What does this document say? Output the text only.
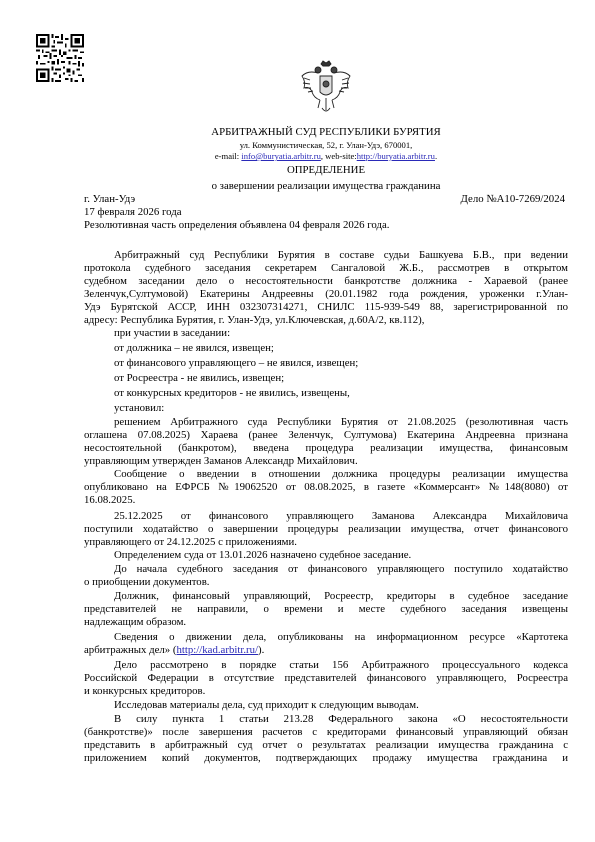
АРБИТРАЖНЫЙ СУД РЕСПУБЛИКИ БУРЯТИЯ
ул. Коммунистическая, 52, г. Улан-Удэ, 670001,
e-mail: info@buryatia.arbitr.ru, web-site:http://buryatia.arbitr.ru.
ОПРЕДЕЛЕНИЕ
о завершении реализации имущества гражданина
г. Улан-Удэ	Дело №А10-7269/2024
17 февраля 2026 года
Резолютивная часть определения объявлена 04 февраля 2026 года.
Арбитражный суд Республики Бурятия в составе судьи Башкуева Б.В., при ведении
протокола судебного заседания секретарем Сангаловой Ж.Б., рассмотрев в открытом
судебном заседании дело о несостоятельности банкротстве должника - Хараевой (ранее
Зеленчук,Султумовой) Екатерины Андреевны (20.01.1982 года рождения, уроженки г.Улан-
Удэ Бурятской АССР, ИНН 032307314271, СНИЛС 115-939-549 88, зарегистрированной по
адресу: Республика Бурятия, г. Улан-Удэ, ул.Ключевская, д.60А/2, кв.112),
при участии в заседании:
от должника – не явился, извещен;
от финансового управляющего – не явился, извещен;
от Росреестра - не явились, извещен;
от конкурсных кредиторов - не явились, извещены,
установил:
решением Арбитражного суда Республики Бурятия от 21.08.2025 (резолютивная часть
оглашена 07.08.2025) Хараева (ранее Зеленчук, Султумова) Екатерина Андреевна признана
несостоятельной (банкротом), введена процедура реализации имущества, финансовым
управляющим утвержден Заманов Александр Михайлович.
Сообщение о введении в отношении должника процедуры реализации имущества
опубликовано на ЕФРСБ №19062520 от 08.08.2025, в газете «Коммерсант» №148(8080) от
16.08.2025.
25.12.2025 от финансового управляющего Заманова Александра Михайловича
поступили ходатайство о завершении процедуры реализации имущества, отчет финансового
управляющего от 24.12.2025 с приложениями.
Определением суда от 13.01.2026 назначено судебное заседание.
До начала судебного заседания от финансового управляющего поступило ходатайство
о приобщении документов.
Должник, финансовый управляющий, Росреестр, кредиторы в судебное заседание
представителей не направили, о времени и месте судебного заседания извещены
надлежащим образом.
Сведения о движении дела, опубликованы на информационном ресурсе «Картотека
арбитражных дел» (http://kad.arbitr.ru/).
Дело рассмотрено в порядке статьи 156 Арбитражного процессуального кодекса
Российской Федерации в отсутствие представителей финансового управляющего, Росреестра
и конкурсных кредиторов.
Исследовав материалы дела, суд приходит к следующим выводам.
В силу пункта 1 статьи 213.28 Федерального закона «О несостоятельности
(банкротстве)» после завершения расчетов с кредиторами финансовый управляющий обязан
представить в арбитражный суд отчет о результатах реализации имущества гражданина с
приложением копий документов, подтверждающих продажу имущества гражданина и
